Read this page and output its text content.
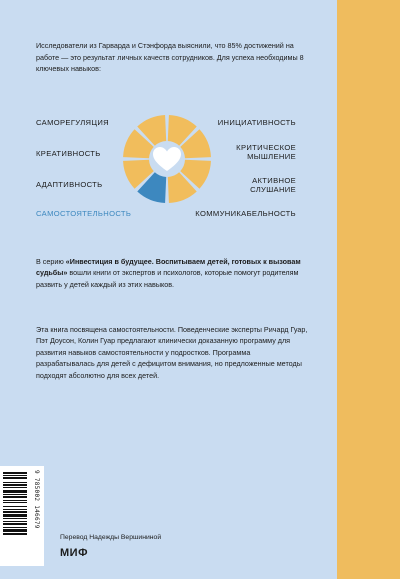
Исследователи из Гарварда и Стэнфорда выяснили, что 85% достижений на работе — это результат личных качеств сотрудников. Для успеха необходимы 8 ключевых навыков:
САМОРЕГУЛЯЦИЯ
КРЕАТИВНОСТЬ
АДАПТИВНОСТЬ
САМОСТОЯТЕЛЬНОСТЬ
ИНИЦИАТИВНОСТЬ
КРИТИЧЕСКОЕ
МЫШЛЕНИЕ
АКТИВНОЕ
СЛУШАНИЕ
КОММУНИКАБЕЛЬНОСТЬ
В серию «Инвестиция в будущее. Воспитываем детей, готовых к вызовам судьбы» вошли книги от экспертов и психологов, которые помогут родителям развить у детей каждый из этих навыков.
Эта книга посвящена самостоятельности. Поведенческие эксперты Ричард Гуар, Пэт Доусон, Колин Гуар предлагают клинически доказанную программу для развития навыков самостоятельности у подростков. Программа разрабатывалась для детей с дефицитом внимания, но предложенные методы подходят абсолютно для всех детей.
9 785002 146679
Перевод Надежды Вершининой
МИФ
